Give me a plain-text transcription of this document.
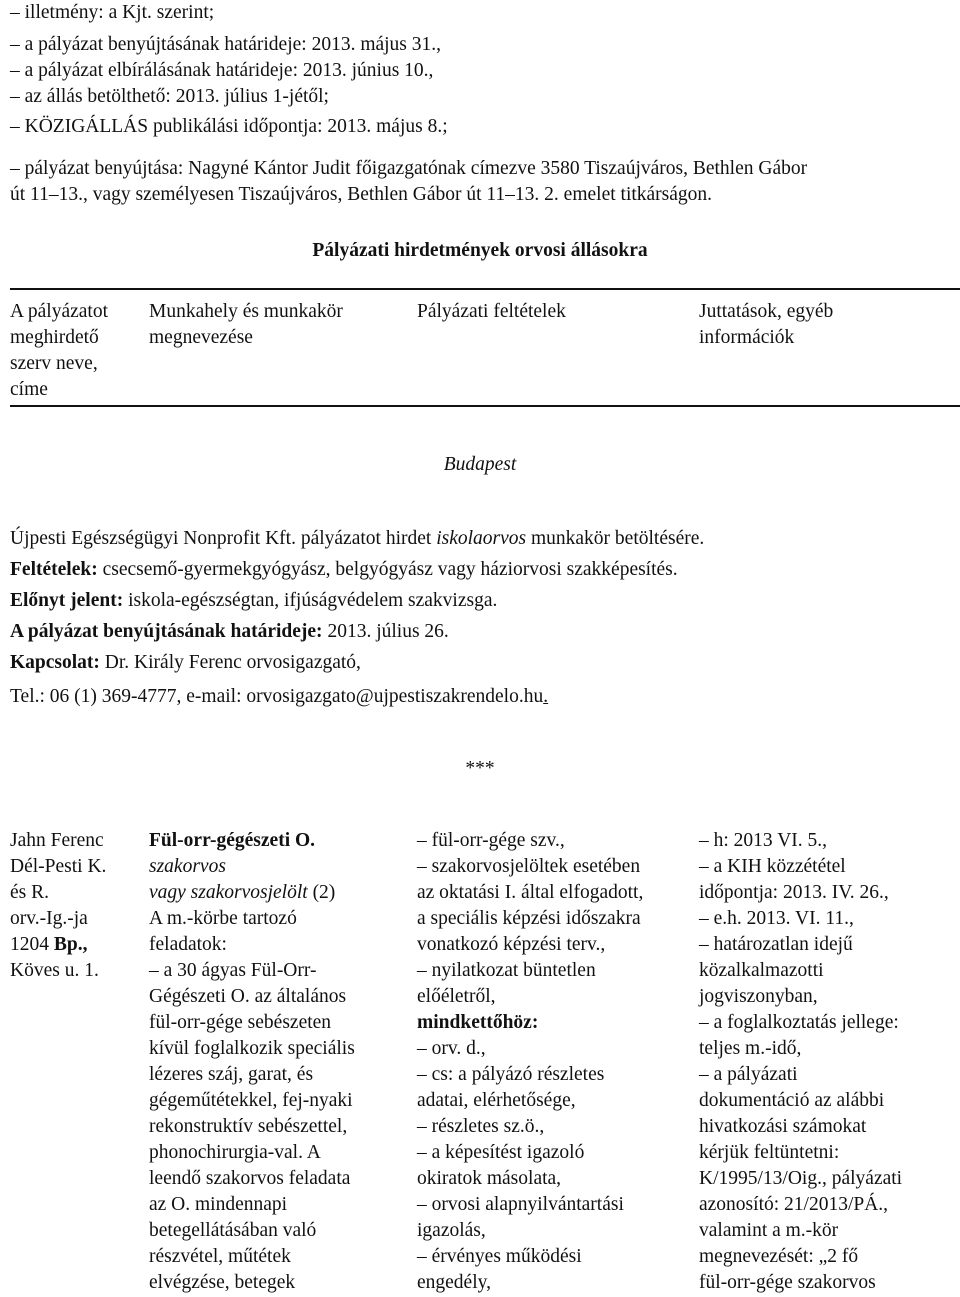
– illetmény: a Kjt. szerint;
– a pályázat benyújtásának határideje: 2013. május 31.,
– a pályázat elbírálásának határideje: 2013. június 10.,
– az állás betölthető: 2013. július 1-jétől;
– KÖZIGÁLLÁS publikálási időpontja: 2013. május 8.;
– pályázat benyújtása: Nagyné Kántor Judit főigazgatónak címezve 3580 Tiszaújváros, Bethlen Gábor
út 11–13., vagy személyesen Tiszaújváros, Bethlen Gábor út 11–13. 2. emelet titkárságon.
Pályázati hirdetmények orvosi állásokra
A pályázatot
meghirdető
szerv neve,
címe
Munkahely és munkakör
megnevezése
Pályázati feltételek	Juttatások, egyéb
információk
Budapest
Újpesti Egészségügyi Nonprofit Kft. pályázatot hirdet iskolaorvos munkakör betöltésére.
Feltételek: csecsemő-gyermekgyógyász, belgyógyász vagy háziorvosi szakképesítés.
Előnyt jelent: iskola-egészségtan, ifjúságvédelem szakvizsga.
A pályázat benyújtásának határideje: 2013. július 26.
Kapcsolat: Dr. Király Ferenc orvosigazgató,
Tel.: 06 (1) 369-4777, e-mail: orvosigazgato@ujpestiszakrendelo.hu.
***
Jahn Ferenc
Dél-Pesti K.
és R.
orv.-Ig.-ja
1204 Bp.,
Köves u. 1.
Fül-orr-gégészeti O.
szakorvos
vagy szakorvosjelölt (2)
A m.-körbe tartozó
feladatok:
– a 30 ágyas Fül-Orr-
Gégészeti O. az általános
fül-orr-gége sebészeten
kívül foglalkozik speciális
lézeres száj, garat, és
gégeműtétekkel, fej-nyaki
rekonstruktív sebészettel,
phonochirurgia-val. A
leendő szakorvos feladata
az O. mindennapi
betegellátásában való
részvétel, műtétek
elvégzése, betegek
– fül-orr-gége szv.,
– szakorvosjelöltek esetében
az oktatási I. által elfogadott,
a speciális képzési időszakra
vonatkozó képzési terv.,
– nyilatkozat büntetlen
előéletről,
mindkettőhöz:
– orv. d.,
– cs: a pályázó részletes
adatai, elérhetősége,
– részletes sz.ö.,
– a képesítést igazoló
okiratok másolata,
– orvosi alapnyilvántartási
igazolás,
– érvényes működési
engedély,
– h: 2013 VI. 5.,
– a KIH közzététel
időpontja: 2013. IV. 26.,
– e.h. 2013. VI. 11.,
– határozatlan idejű
közalkalmazotti
jogviszonyban,
– a foglalkoztatás jellege:
teljes m.-idő,
– a pályázati
dokumentáció az alábbi
hivatkozási számokat
kérjük feltüntetni:
K/1995/13/Oig., pályázati
azonosító: 21/2013/PÁ.,
valamint a m.-kör
megnevezését: „2 fő
fül-orr-gége szakorvos
